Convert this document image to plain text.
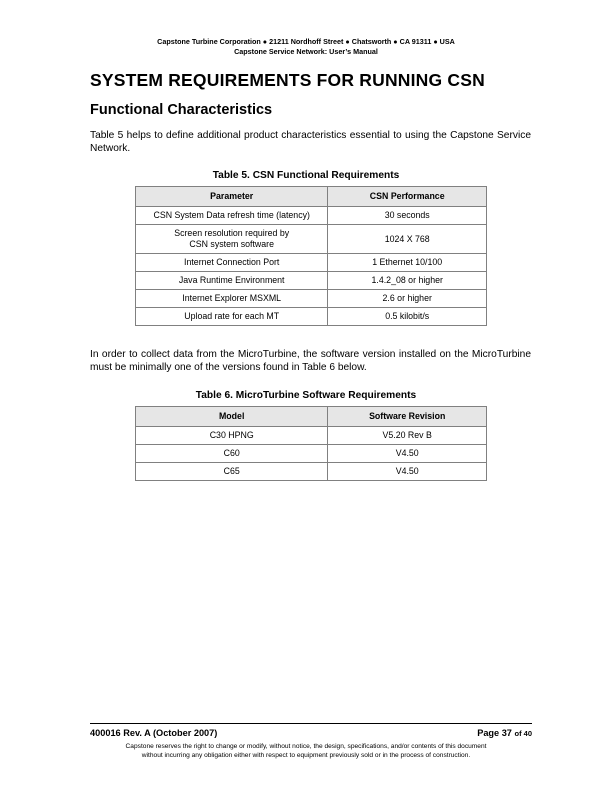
Capstone Turbine Corporation ● 21211 Nordhoff Street ● Chatsworth ● CA 91311 ● USA
Capstone Service Network: User’s Manual
SYSTEM REQUIREMENTS FOR RUNNING CSN
Functional Characteristics

Table 5 helps to define additional product characteristics essential to using the Capstone Service Network.

Table 5. CSN Functional Requirements

Parameter	CSN Performance
CSN System Data refresh time (latency)	30 seconds
Screen resolution required by
CSN system software	1024 X 768
Internet Connection Port	1 Ethernet 10/100
Java Runtime Environment	1.4.2_08 or higher
Internet Explorer MSXML	2.6 or higher
Upload rate for each MT	0.5 kilobit/s

In order to collect data from the MicroTurbine, the software version installed on the MicroTurbine must be minimally one of the versions found in Table 6 below.

Table 6. MicroTurbine Software Requirements

Model	Software Revision
C30 HPNG	V5.20 Rev B
C60	V4.50
C65	V4.50
400016 Rev. A (October 2007)	Page 37 of 40
Capstone reserves the right to change or modify, without notice, the design, specifications, and/or contents of this document
without incurring any obligation either with respect to equipment previously sold or in the process of construction.
